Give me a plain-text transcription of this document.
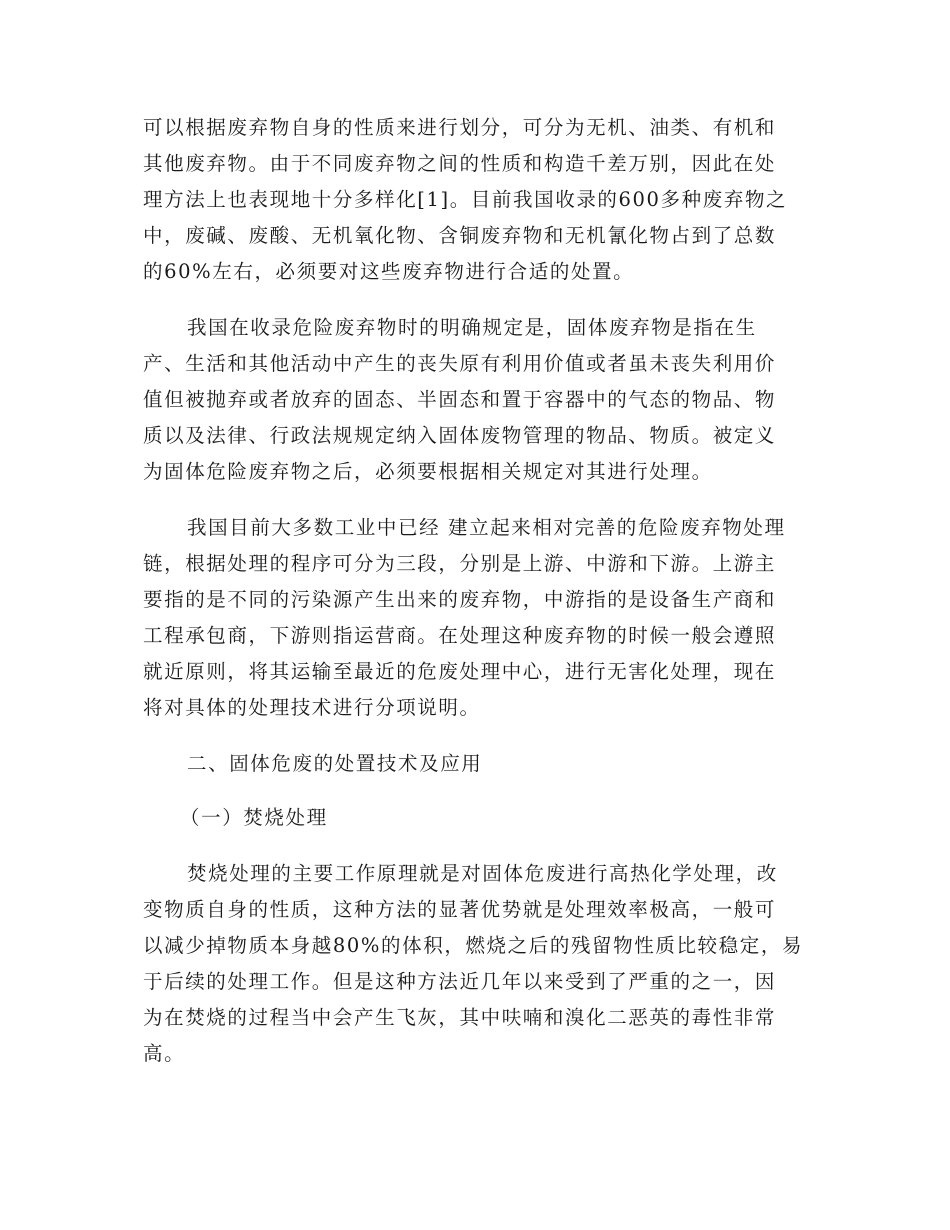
可以根据废弃物自身的性质来进行划分，可分为无机、油类、有机和
其他废弃物。由于不同废弃物之间的性质和构造千差万别，因此在处
理方法上也表现地十分多样化[1]。目前我国收录的600多种废弃物之
中，废碱、废酸、无机氧化物、含铜废弃物和无机氰化物占到了总数
的60%左右，必须要对这些废弃物进行合适的处置。
我国在收录危险废弃物时的明确规定是，固体废弃物是指在生
产、生活和其他活动中产生的丧失原有利用价值或者虽未丧失利用价
值但被抛弃或者放弃的固态、半固态和置于容器中的气态的物品、物
质以及法律、行政法规规定纳入固体废物管理的物品、物质。被定义
为固体危险废弃物之后，必须要根据相关规定对其进行处理。
我国目前大多数工业中已经 建立起来相对完善的危险废弃物处理
链，根据处理的程序可分为三段，分别是上游、中游和下游。上游主
要指的是不同的污染源产生出来的废弃物，中游指的是设备生产商和
工程承包商，下游则指运营商。在处理这种废弃物的时候一般会遵照
就近原则，将其运输至最近的危废处理中心，进行无害化处理，现在
将对具体的处理技术进行分项说明。
二、固体危废的处置技术及应用
（一）焚烧处理
焚烧处理的主要工作原理就是对固体危废进行高热化学处理，改
变物质自身的性质，这种方法的显著优势就是处理效率极高，一般可
以减少掉物质本身越80%的体积，燃烧之后的残留物性质比较稳定，易
于后续的处理工作。但是这种方法近几年以来受到了严重的之一，因
为在焚烧的过程当中会产生飞灰，其中呋喃和溴化二恶英的毒性非常
高。
